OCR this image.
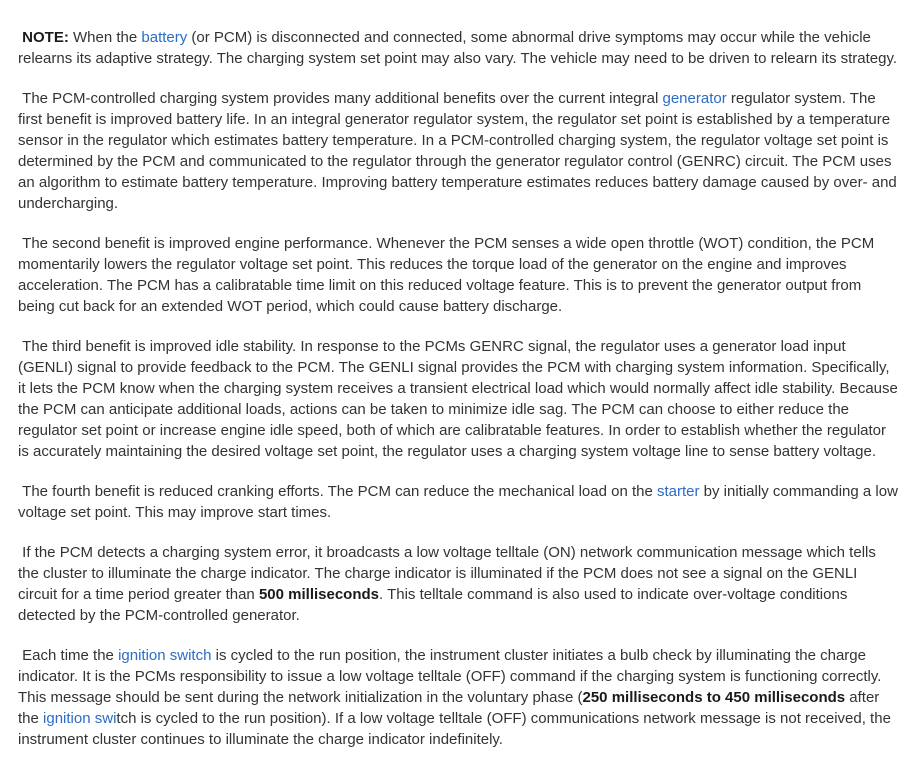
NOTE: When the battery (or PCM) is disconnected and connected, some abnormal drive symptoms may occur while the vehicle relearns its adaptive strategy. The charging system set point may also vary. The vehicle may need to be driven to relearn its strategy.

The PCM-controlled charging system provides many additional benefits over the current integral generator regulator system. The first benefit is improved battery life. In an integral generator regulator system, the regulator set point is established by a temperature sensor in the regulator which estimates battery temperature. In a PCM-controlled charging system, the regulator voltage set point is determined by the PCM and communicated to the regulator through the generator regulator control (GENRC) circuit. The PCM uses an algorithm to estimate battery temperature. Improving battery temperature estimates reduces battery damage caused by over- and undercharging.

The second benefit is improved engine performance. Whenever the PCM senses a wide open throttle (WOT) condition, the PCM momentarily lowers the regulator voltage set point. This reduces the torque load of the generator on the engine and improves acceleration. The PCM has a calibratable time limit on this reduced voltage feature. This is to prevent the generator output from being cut back for an extended WOT period, which could cause battery discharge.

The third benefit is improved idle stability. In response to the PCMs GENRC signal, the regulator uses a generator load input (GENLI) signal to provide feedback to the PCM. The GENLI signal provides the PCM with charging system information. Specifically, it lets the PCM know when the charging system receives a transient electrical load which would normally affect idle stability. Because the PCM can anticipate additional loads, actions can be taken to minimize idle sag. The PCM can choose to either reduce the regulator set point or increase engine idle speed, both of which are calibratable features. In order to establish whether the regulator is accurately maintaining the desired voltage set point, the regulator uses a charging system voltage line to sense battery voltage.

The fourth benefit is reduced cranking efforts. The PCM can reduce the mechanical load on the starter by initially commanding a low voltage set point. This may improve start times.

If the PCM detects a charging system error, it broadcasts a low voltage telltale (ON) network communication message which tells the cluster to illuminate the charge indicator. The charge indicator is illuminated if the PCM does not see a signal on the GENLI circuit for a time period greater than 500 milliseconds. This telltale command is also used to indicate over-voltage conditions detected by the PCM-controlled generator.

Each time the ignition switch is cycled to the run position, the instrument cluster initiates a bulb check by illuminating the charge indicator. It is the PCMs responsibility to issue a low voltage telltale (OFF) command if the charging system is functioning correctly. This message should be sent during the network initialization in the voluntary phase (250 milliseconds to 450 milliseconds after the ignition switch is cycled to the run position). If a low voltage telltale (OFF) communications network message is not received, the instrument cluster continues to illuminate the charge indicator indefinitely.
